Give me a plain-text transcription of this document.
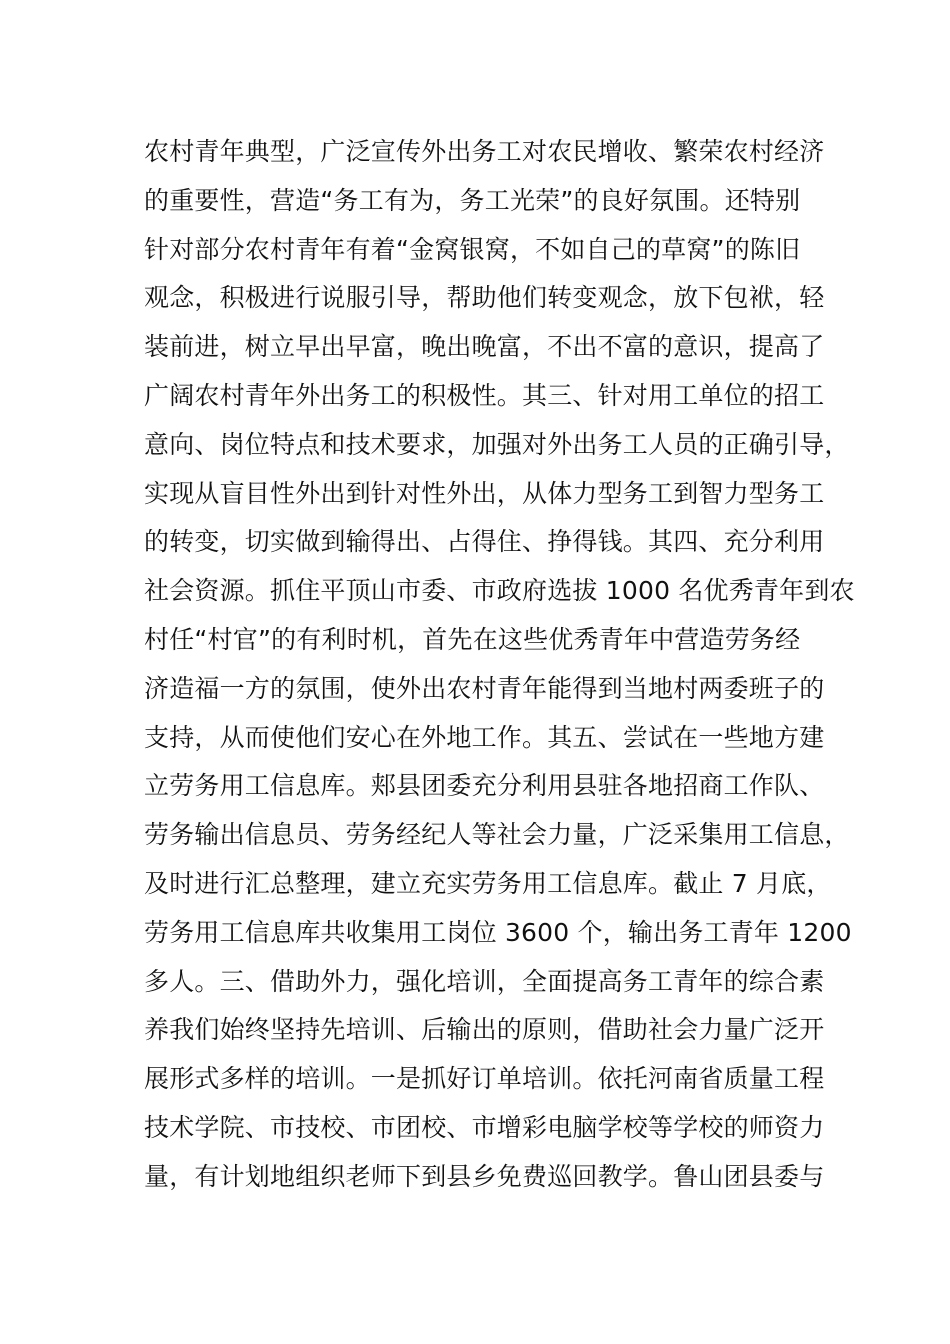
农村青年典型，广泛宣传外出务工对农民增收、繁荣农村经济
的重要性，营造“务工有为，务工光荣”的良好氛围。还特别
针对部分农村青年有着“金窝银窝，不如自己的草窝”的陈旧
观念，积极进行说服引导，帮助他们转变观念，放下包袱，轻
装前进，树立早出早富，晚出晚富，不出不富的意识，提高了
广阔农村青年外出务工的积极性。其三、针对用工单位的招工
意向、岗位特点和技术要求，加强对外出务工人员的正确引导，
实现从盲目性外出到针对性外出，从体力型务工到智力型务工
的转变，切实做到输得出、占得住、挣得钱。其四、充分利用
社会资源。抓住平顶山市委、市政府选拔 1000 名优秀青年到农
村任“村官”的有利时机，首先在这些优秀青年中营造劳务经
济造福一方的氛围，使外出农村青年能得到当地村两委班子的
支持，从而使他们安心在外地工作。其五、尝试在一些地方建
立劳务用工信息库。郏县团委充分利用县驻各地招商工作队、
劳务输出信息员、劳务经纪人等社会力量，广泛采集用工信息，
及时进行汇总整理，建立充实劳务用工信息库。截止 7 月底，
劳务用工信息库共收集用工岗位 3600 个，输出务工青年 1200
多人。三、借助外力，强化培训，全面提高务工青年的综合素
养我们始终坚持先培训、后输出的原则，借助社会力量广泛开
展形式多样的培训。一是抓好订单培训。依托河南省质量工程
技术学院、市技校、市团校、市增彩电脑学校等学校的师资力
量，有计划地组织老师下到县乡免费巡回教学。鲁山团县委与
